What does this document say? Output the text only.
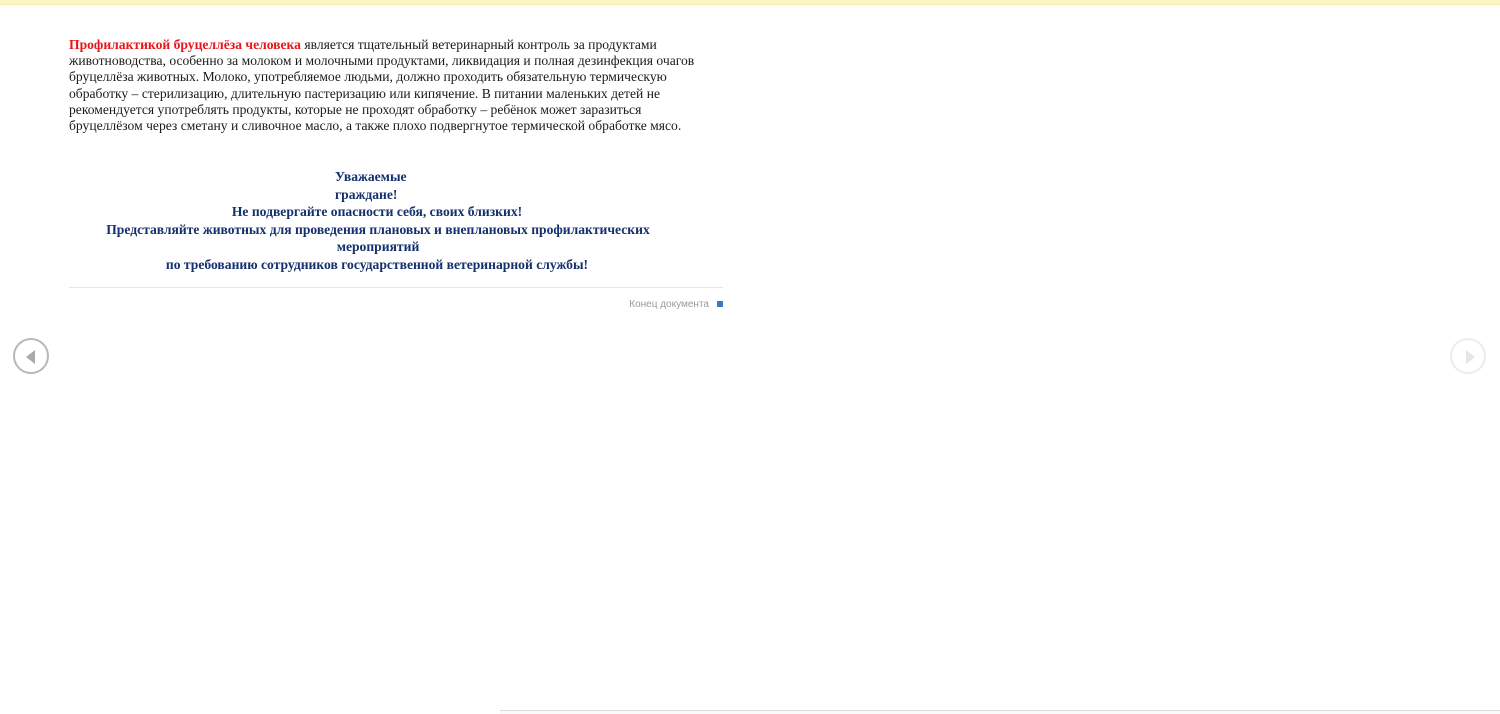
Профилактикой бруцеллёза человека является тщательный ветеринарный контроль за продуктами животноводства, особенно за молоком и молочными продуктами, ликвидация и полная дезинфекция очагов бруцеллёза животных. Молоко, употребляемое людьми, должно проходить обязательную термическую обработку – стерилизацию, длительную пастеризацию или кипячение. В питании маленьких детей не рекомендуется употреблять продукты, которые не проходят обработку – ребёнок может заразиться бруцеллёзом через сметану и сливочное масло, а также плохо подвергнутое термической обработке мясо.

Уважаемые граждане!
Не подвергайте опасности себя, своих близких!
Представляйте животных для проведения плановых и внеплановых профилактических мероприятий
по требованию сотрудников государственной ветеринарной службы!
Конец документа
